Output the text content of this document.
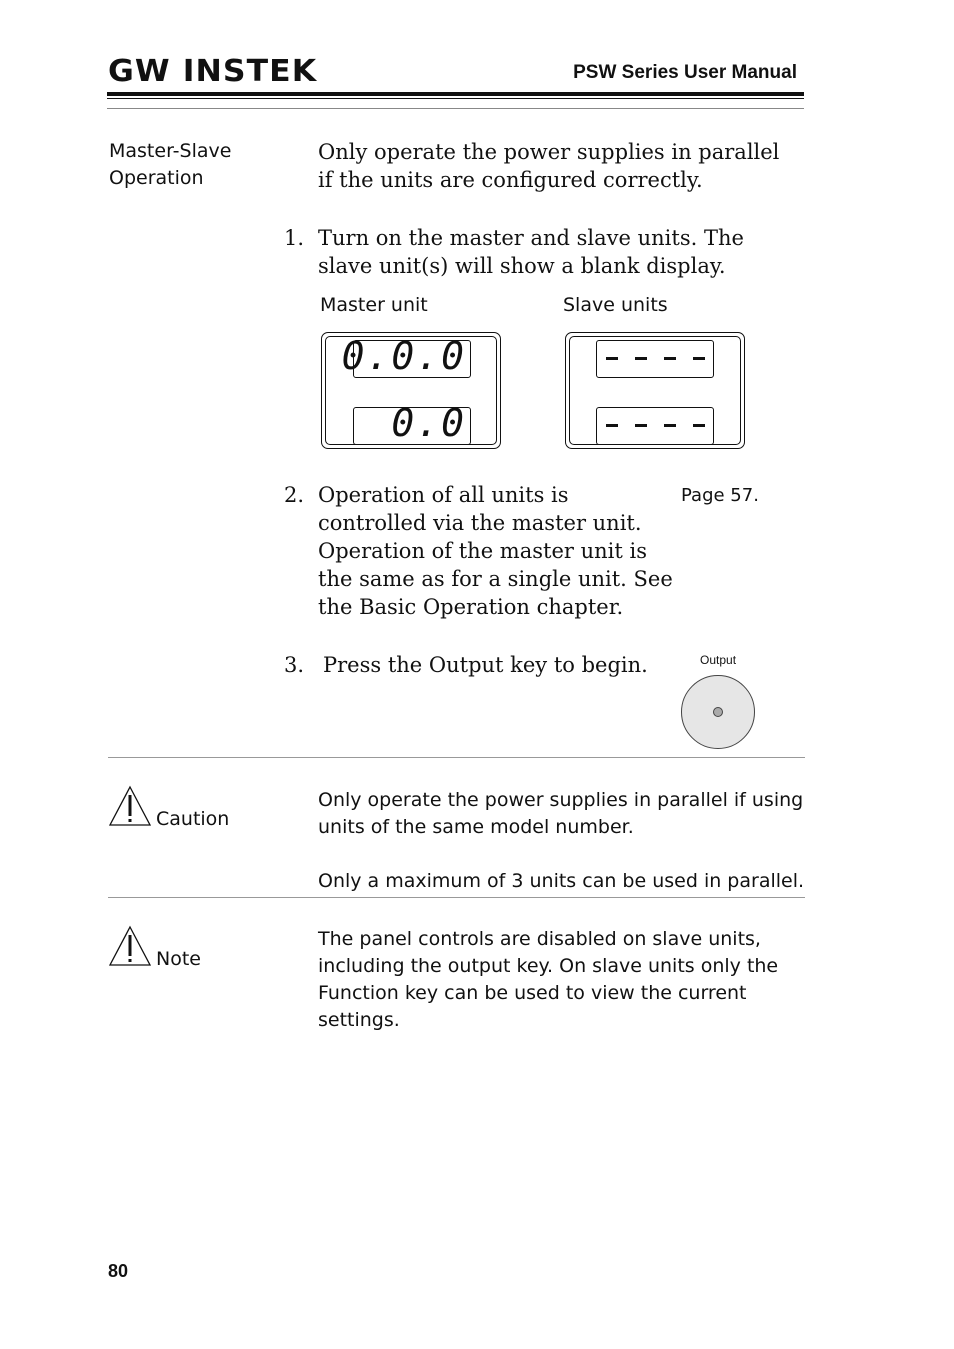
GW INSTEK	PSW Series User Manual
Master-Slave
Operation
Only operate the power supplies in parallel if the units are configured correctly.
1. Turn on the master and slave units. The slave unit(s) will show a blank display.
Master unit	Slave units
0.0.0
0.0
2. Operation of all units is controlled via the master unit. Operation of the master unit is the same as for a single unit. See the Basic Operation chapter.
Page 57.
3. Press the Output key to begin.	Output
Caution
Only operate the power supplies in parallel if using units of the same model number.
Only a maximum of 3 units can be used in parallel.
Note
The panel controls are disabled on slave units, including the output key. On slave units only the Function key can be used to view the current settings.
80
